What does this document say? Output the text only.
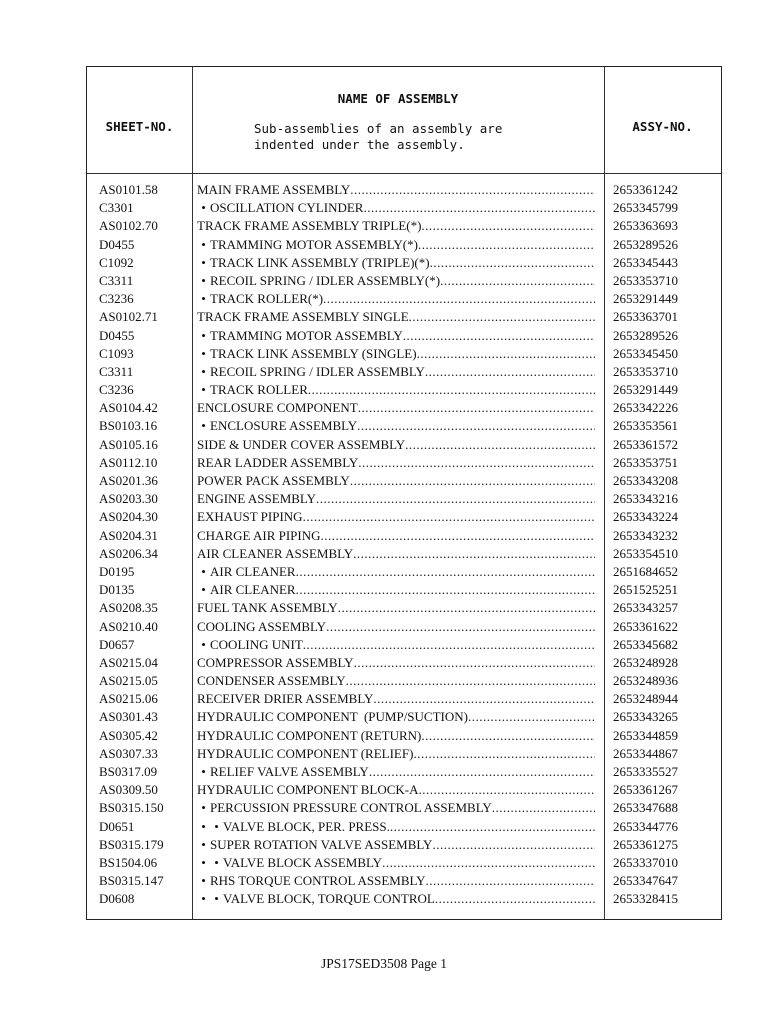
SHEET-NO.
NAME OF ASSEMBLY
Sub-assemblies of an assembly are
indented under the assembly.
ASSY-NO.
AS0101.58	MAIN FRAME ASSEMBLY .....	2653361242
C3301	• OSCILLATION CYLINDER .....	2653345799
AS0102.70	TRACK FRAME ASSEMBLY TRIPLE(*) .....	2653363693
D0455	• TRAMMING MOTOR ASSEMBLY(*) .....	2653289526
C1092	• TRACK LINK ASSEMBLY (TRIPLE)(*) .....	2653345443
C3311	• RECOIL SPRING / IDLER ASSEMBLY(*) .....	2653353710
C3236	• TRACK ROLLER(*) .....	2653291449
AS0102.71	TRACK FRAME ASSEMBLY SINGLE .....	2653363701
D0455	• TRAMMING MOTOR ASSEMBLY .....	2653289526
C1093	• TRACK LINK ASSEMBLY (SINGLE) .....	2653345450
C3311	• RECOIL SPRING / IDLER ASSEMBLY .....	2653353710
C3236	• TRACK ROLLER .....	2653291449
AS0104.42	ENCLOSURE COMPONENT .....	2653342226
BS0103.16	• ENCLOSURE ASSEMBLY .....	2653353561
AS0105.16	SIDE & UNDER COVER ASSEMBLY .....	2653361572
AS0112.10	REAR LADDER ASSEMBLY .....	2653353751
AS0201.36	POWER PACK ASSEMBLY .....	2653343208
AS0203.30	ENGINE ASSEMBLY .....	2653343216
AS0204.30	EXHAUST PIPING .....	2653343224
AS0204.31	CHARGE AIR PIPING .....	2653343232
AS0206.34	AIR CLEANER ASSEMBLY .....	2653354510
D0195	• AIR CLEANER .....	2651684652
D0135	• AIR CLEANER .....	2651525251
AS0208.35	FUEL TANK ASSEMBLY .....	2653343257
AS0210.40	COOLING ASSEMBLY .....	2653361622
D0657	• COOLING UNIT .....	2653345682
AS0215.04	COMPRESSOR ASSEMBLY .....	2653248928
AS0215.05	CONDENSER ASSEMBLY .....	2653248936
AS0215.06	RECEIVER DRIER ASSEMBLY .....	2653248944
AS0301.43	HYDRAULIC COMPONENT  (PUMP/SUCTION) .....	2653343265
AS0305.42	HYDRAULIC COMPONENT (RETURN) .....	2653344859
AS0307.33	HYDRAULIC COMPONENT (RELIEF) .....	2653344867
BS0317.09	• RELIEF VALVE ASSEMBLY .....	2653335527
AS0309.50	HYDRAULIC COMPONENT BLOCK-A .....	2653361267
BS0315.150	• PERCUSSION PRESSURE CONTROL ASSEMBLY .....	2653347688
D0651	• • VALVE BLOCK, PER. PRESS. .....	2653344776
BS0315.179	• SUPER ROTATION VALVE ASSEMBLY .....	2653361275
BS1504.06	• • VALVE BLOCK ASSEMBLY .....	2653337010
BS0315.147	• RHS TORQUE CONTROL ASSEMBLY .....	2653347647
D0608	• • VALVE BLOCK, TORQUE CONTROL .....	2653328415
JPS17SED3508 Page 1
